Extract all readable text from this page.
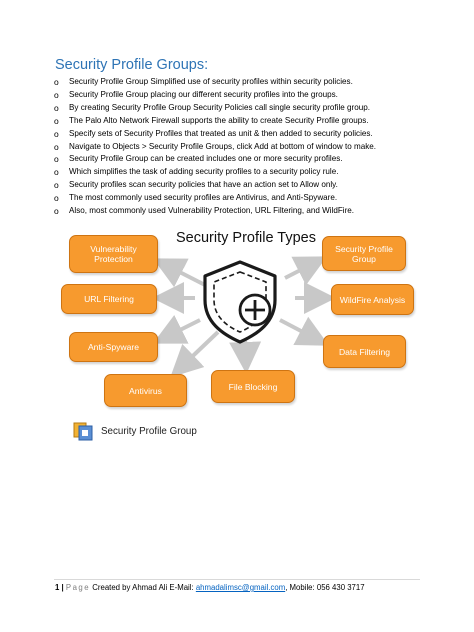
Security Profile Groups:
o Security Profile Group Simplified use of security profiles within security policies.
o Security Profile Group placing our different security profiles into the groups.
o By creating Security Profile Group Security Policies call single security profile group.
o The Palo Alto Network Firewall supports the ability to create Security Profile groups.
o Specify sets of Security Profiles that treated as unit & then added to security policies.
o Navigate to Objects > Security Profile Groups, click Add at bottom of window to make.
o Security Profile Group can be created includes one or more security profiles.
o Which simplifies the task of adding security profiles to a security policy rule.
o Security profiles scan security policies that have an action set to Allow only.
o The most commonly used security profiles are Antivirus, and Anti-Spyware.
o Also, most commonly used Vulnerability Protection, URL Filtering, and WildFire.
Security Profile Types
Vulnerability Protection
URL Filtering
Anti-Spyware
Antivirus	File Blocking
Data Filtering
WildFire Analysis
Security Profile Group
Security Profile Group
1 | Page Created by Ahmad Ali E-Mail: ahmadalimsc@gmail.com, Mobile: 056 430 3717
